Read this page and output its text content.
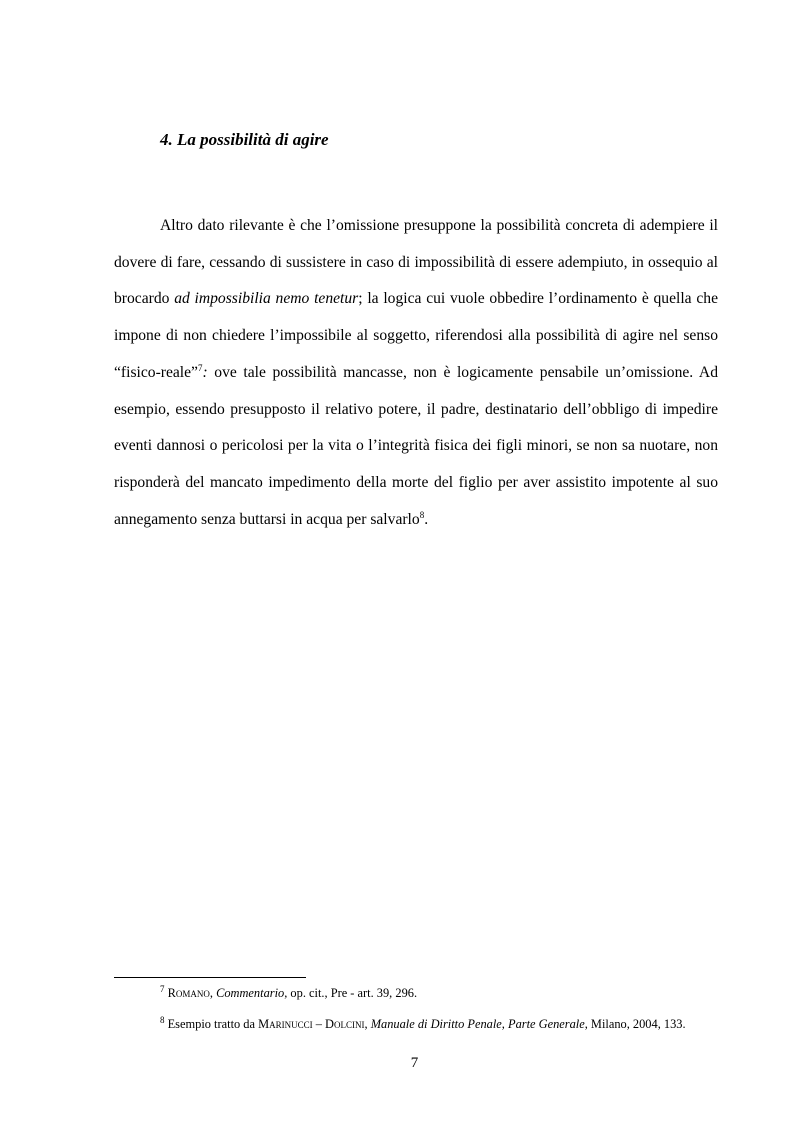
4. La possibilità di agire

Altro dato rilevante è che l’omissione presuppone la possibilità concreta di adempiere il dovere di fare, cessando di sussistere in caso di impossibilità di essere adempiuto, in ossequio al brocardo ad impossibilia nemo tenetur; la logica cui vuole obbedire l’ordinamento è quella che impone di non chiedere l’impossibile al soggetto, riferendosi alla possibilità di agire nel senso “fisico-reale”$^7$: ove tale possibilità mancasse, non è logicamente pensabile un’omissione. Ad esempio, essendo presupposto il relativo potere, il padre, destinatario dell’obbligo di impedire eventi dannosi o pericolosi per la vita o l’integrità fisica dei figli minori, se non sa nuotare, non risponderà del mancato impedimento della morte del figlio per aver assistito impotente al suo annegamento senza buttarsi in acqua per salvarlo$^8$.

$^7$ Romano, Commentario, op. cit., Pre - art. 39, 296.

$^8$ Esempio tratto da Marinucci – Dolcini, Manuale di Diritto Penale, Parte Generale, Milano, 2004, 133.

7
